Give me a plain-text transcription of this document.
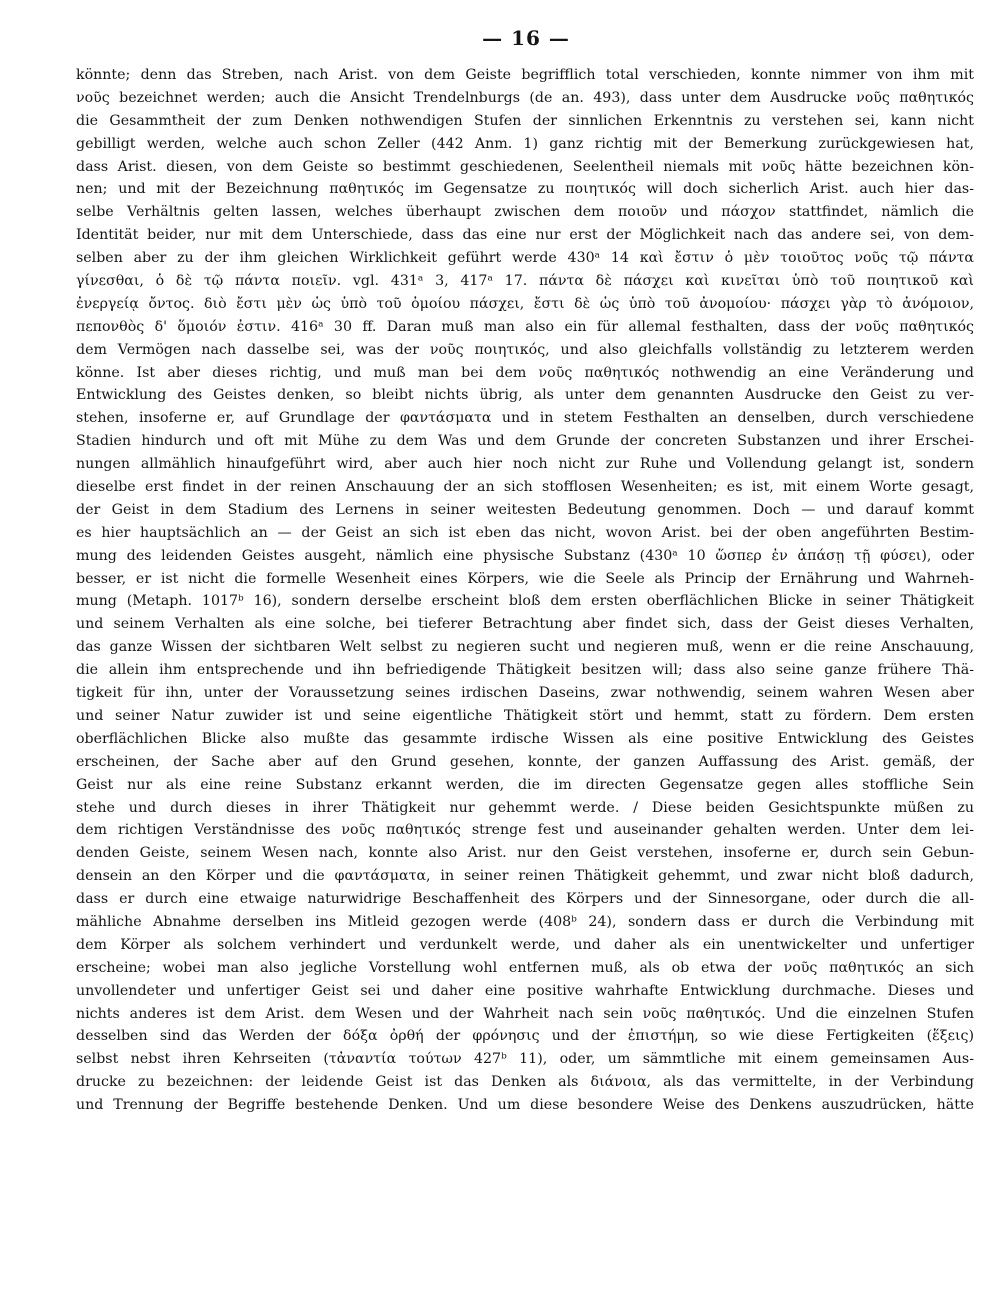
— 16 —
könnte; denn das Streben, nach Arist. von dem Geiste begrifflich total verschieden, konnte nimmer von ihm mit
νοῦς bezeichnet werden; auch die Ansicht Trendelnburgs (de an. 493), dass unter dem Ausdrucke νοῦς παθητικός
die Gesammtheit der zum Denken nothwendigen Stufen der sinnlichen Erkenntnis zu verstehen sei, kann nicht
gebilligt werden, welche auch schon Zeller (442 Anm. 1) ganz richtig mit der Bemerkung zurückgewiesen hat,
dass Arist. diesen, von dem Geiste so bestimmt geschiedenen, Seelentheil niemals mit νοῦς hätte bezeichnen kön-
nen; und mit der Bezeichnung παθητικός im Gegensatze zu ποιητικός will doch sicherlich Arist. auch hier das-
selbe Verhältnis gelten lassen, welches überhaupt zwischen dem ποιοῦν und πάσχον stattfindet, nämlich die
Identität beider, nur mit dem Unterschiede, dass das eine nur erst der Möglichkeit nach das andere sei, von dem-
selben aber zu der ihm gleichen Wirklichkeit geführt werde 430ᵃ 14 καὶ ἔστιν ὁ μὲν τοιοῦτος νοῦς τῷ πάντα
γίνεσθαι, ὁ δὲ τῷ πάντα ποιεῖν. vgl. 431ᵃ 3, 417ᵃ 17. πάντα δὲ πάσχει καὶ κινεῖται ὑπὸ τοῦ ποιητικοῦ καὶ
ἐνεργείᾳ ὄντος. διὸ ἔστι μὲν ὡς ὑπὸ τοῦ ὁμοίου πάσχει, ἔστι δὲ ὡς ὑπὸ τοῦ ἀνομοίου· πάσχει γὰρ τὸ ἀνόμοιον,
πεπονθὸς δ' ὅμοιόν ἐστιν. 416ᵃ 30 ff. Daran muß man also ein für allemal festhalten, dass der νοῦς παθητικός
dem Vermögen nach dasselbe sei, was der νοῦς ποιητικός, und also gleichfalls vollständig zu letzterem werden
könne. Ist aber dieses richtig, und muß man bei dem νοῦς παθητικός nothwendig an eine Veränderung und
Entwicklung des Geistes denken, so bleibt nichts übrig, als unter dem genannten Ausdrucke den Geist zu ver-
stehen, insoferne er, auf Grundlage der φαντάσματα und in stetem Festhalten an denselben, durch verschiedene
Stadien hindurch und oft mit Mühe zu dem Was und dem Grunde der concreten Substanzen und ihrer Erschei-
nungen allmählich hinaufgeführt wird, aber auch hier noch nicht zur Ruhe und Vollendung gelangt ist, sondern
dieselbe erst findet in der reinen Anschauung der an sich stofflosen Wesenheiten; es ist, mit einem Worte gesagt,
der Geist in dem Stadium des Lernens in seiner weitesten Bedeutung genommen. Doch — und darauf kommt
es hier hauptsächlich an — der Geist an sich ist eben das nicht, wovon Arist. bei der oben angeführten Bestim-
mung des leidenden Geistes ausgeht, nämlich eine physische Substanz (430ᵃ 10 ὥσπερ ἐν ἁπάσῃ τῇ φύσει), oder
besser, er ist nicht die formelle Wesenheit eines Körpers, wie die Seele als Princip der Ernährung und Wahrneh-
mung (Metaph. 1017ᵇ 16), sondern derselbe erscheint bloß dem ersten oberflächlichen Blicke in seiner Thätigkeit
und seinem Verhalten als eine solche, bei tieferer Betrachtung aber findet sich, dass der Geist dieses Verhalten,
das ganze Wissen der sichtbaren Welt selbst zu negieren sucht und negieren muß, wenn er die reine Anschauung,
die allein ihm entsprechende und ihn befriedigende Thätigkeit besitzen will; dass also seine ganze frühere Thä-
tigkeit für ihn, unter der Voraussetzung seines irdischen Daseins, zwar nothwendig, seinem wahren Wesen aber
und seiner Natur zuwider ist und seine eigentliche Thätigkeit stört und hemmt, statt zu fördern. Dem ersten
oberflächlichen Blicke also mußte das gesammte irdische Wissen als eine positive Entwicklung des Geistes
erscheinen, der Sache aber auf den Grund gesehen, konnte, der ganzen Auffassung des Arist. gemäß, der
Geist nur als eine reine Substanz erkannt werden, die im directen Gegensatze gegen alles stoffliche Sein
stehe und durch dieses in ihrer Thätigkeit nur gehemmt werde. / Diese beiden Gesichtspunkte müßen zu
dem richtigen Verständnisse des νοῦς παθητικός strenge fest und auseinander gehalten werden. Unter dem lei-
denden Geiste, seinem Wesen nach, konnte also Arist. nur den Geist verstehen, insoferne er, durch sein Gebun-
densein an den Körper und die φαντάσματα, in seiner reinen Thätigkeit gehemmt, und zwar nicht bloß dadurch,
dass er durch eine etwaige naturwidrige Beschaffenheit des Körpers und der Sinnesorgane, oder durch die all-
mähliche Abnahme derselben ins Mitleid gezogen werde (408ᵇ 24), sondern dass er durch die Verbindung mit
dem Körper als solchem verhindert und verdunkelt werde, und daher als ein unentwickelter und unfertiger
erscheine; wobei man also jegliche Vorstellung wohl entfernen muß, als ob etwa der νοῦς παθητικός an sich
unvollendeter und unfertiger Geist sei und daher eine positive wahrhafte Entwicklung durchmache. Dieses und
nichts anderes ist dem Arist. dem Wesen und der Wahrheit nach sein νοῦς παθητικός. Und die einzelnen Stufen
desselben sind das Werden der δόξα ὀρθή der φρόνησις und der ἐπιστήμη, so wie diese Fertigkeiten (ἕξεις)
selbst nebst ihren Kehrseiten (τἀναντία τούτων 427ᵇ 11), oder, um sämmtliche mit einem gemeinsamen Aus-
drucke zu bezeichnen: der leidende Geist ist das Denken als διάνοια, als das vermittelte, in der Verbindung
und Trennung der Begriffe bestehende Denken. Und um diese besondere Weise des Denkens auszudrücken, hätte
